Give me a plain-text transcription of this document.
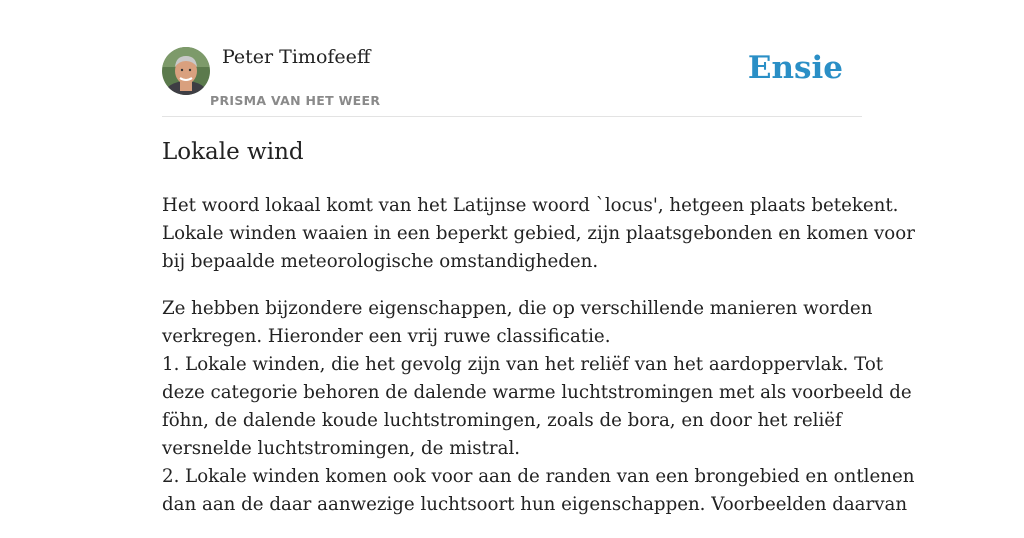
Peter Timofeeff
PRISMA VAN HET WEER
Ensie
Lokale wind

Het woord lokaal komt van het Latijnse woord `locus', hetgeen plaats betekent.
Lokale winden waaien in een beperkt gebied, zijn plaatsgebonden en komen voor
bij bepaalde meteorologische omstandigheden.

Ze hebben bijzondere eigenschappen, die op verschillende manieren worden
verkregen. Hieronder een vrij ruwe classificatie.
1. Lokale winden, die het gevolg zijn van het reliëf van het aardoppervlak. Tot
deze categorie behoren de dalende warme luchtstromingen met als voorbeeld de
föhn, de dalende koude luchtstromingen, zoals de bora, en door het reliëf
versnelde luchtstromingen, de mistral.
2. Lokale winden komen ook voor aan de randen van een brongebied en ontlenen
dan aan de daar aanwezige luchtsoort hun eigenschappen. Voorbeelden daarvan
